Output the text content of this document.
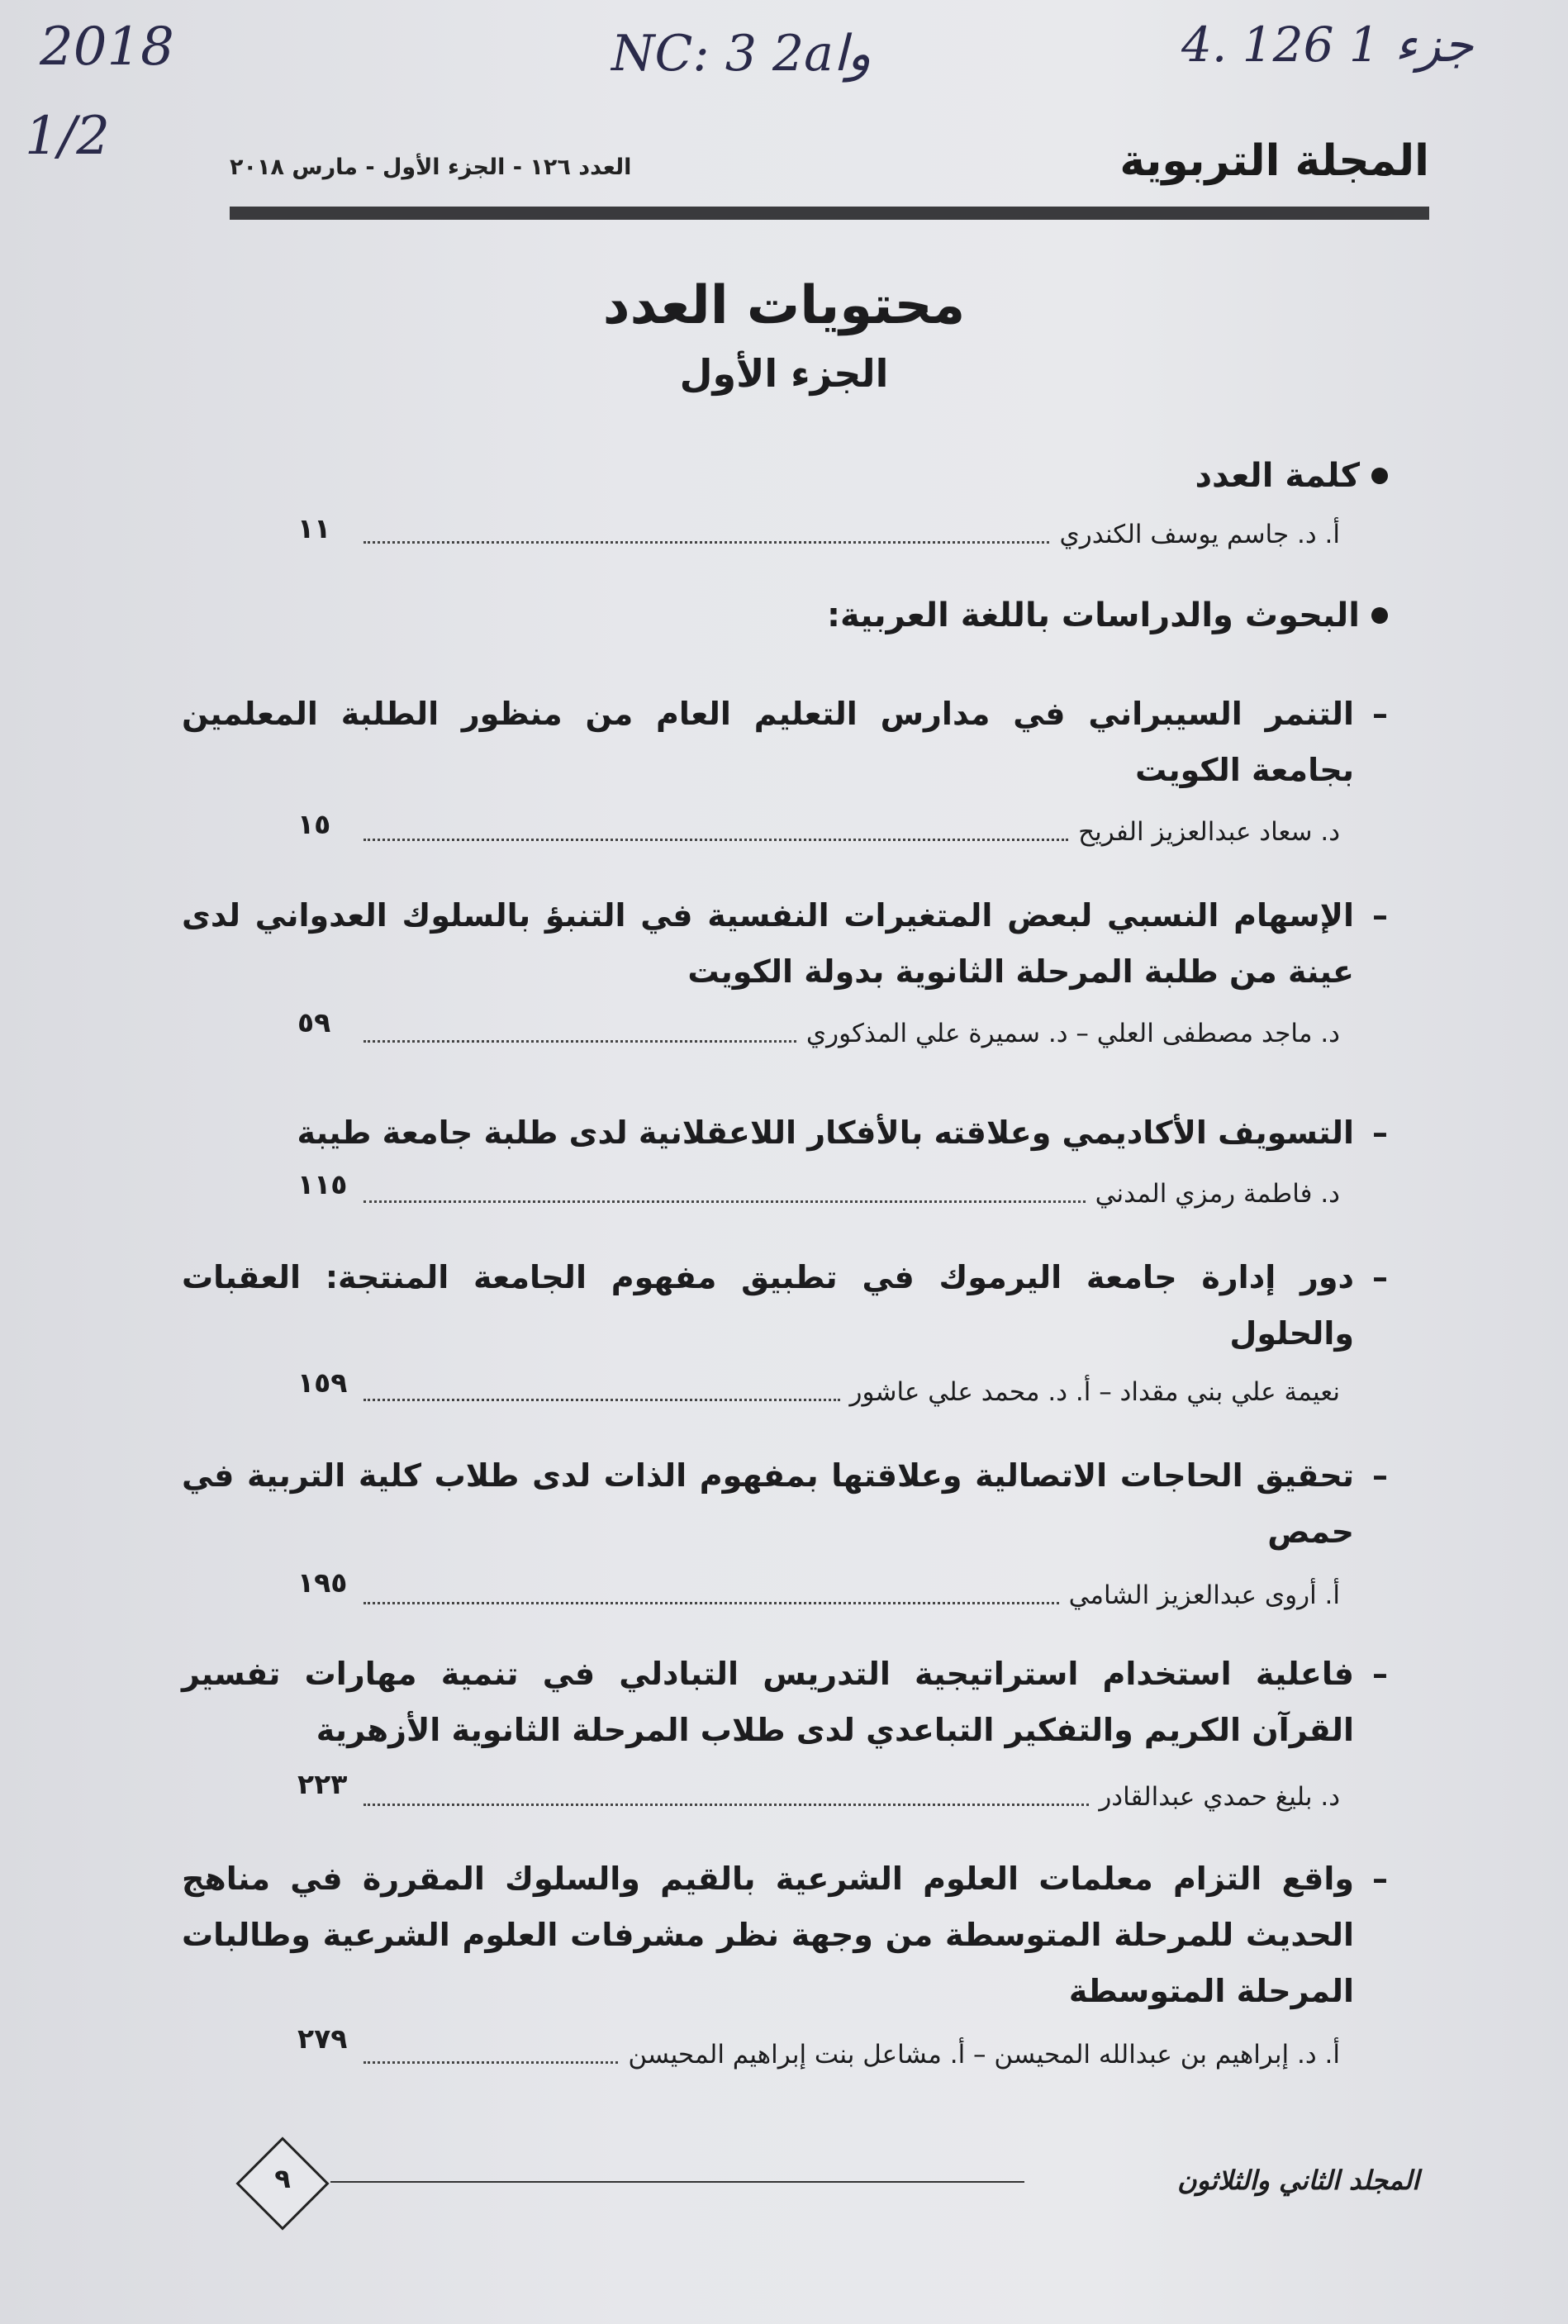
2018
1/2
NC: 3 2aوا	4. 126 جزء 1
المجلة التربوية
العدد ١٢٦ - الجزء الأول - مارس ٢٠١٨
محتويات العدد
الجزء الأول
كلمة العدد
أ. د. جاسم يوسف الكندري
١١
البحوث والدراسات باللغة العربية:
–
التنمر السيبراني في مدارس التعليم العام من منظور الطلبة المعلمين بجامعة الكويت
د. سعاد عبدالعزيز الفريح
١٥
–
الإسهام النسبي لبعض المتغيرات النفسية في التنبؤ بالسلوك العدواني لدى عينة من طلبة المرحلة الثانوية بدولة الكويت
د. ماجد مصطفى العلي – د. سميرة علي المذكوري
٥٩
–
التسويف الأكاديمي وعلاقته بالأفكار اللاعقلانية لدى طلبة جامعة طيبة
د. فاطمة رمزي المدني
١١٥
–
دور إدارة جامعة اليرموك في تطبيق مفهوم الجامعة المنتجة: العقبات والحلول
نعيمة علي بني مقداد – أ. د. محمد علي عاشور
١٥٩
–
تحقيق الحاجات الاتصالية وعلاقتها بمفهوم الذات لدى طلاب كلية التربية في حمص
أ. أروى عبدالعزيز الشامي
١٩٥
–
فاعلية استخدام استراتيجية التدريس التبادلي في تنمية مهارات تفسير القرآن الكريم والتفكير التباعدي لدى طلاب المرحلة الثانوية الأزهرية
د. بليغ حمدي عبدالقادر
٢٢٣
–
واقع التزام معلمات العلوم الشرعية بالقيم والسلوك المقررة في مناهج الحديث للمرحلة المتوسطة من وجهة نظر مشرفات العلوم الشرعية وطالبات المرحلة المتوسطة
أ. د. إبراهيم بن عبدالله المحيسن – أ. مشاعل بنت إبراهيم المحيسن
٢٧٩
المجلد الثاني والثلاثون
٩
